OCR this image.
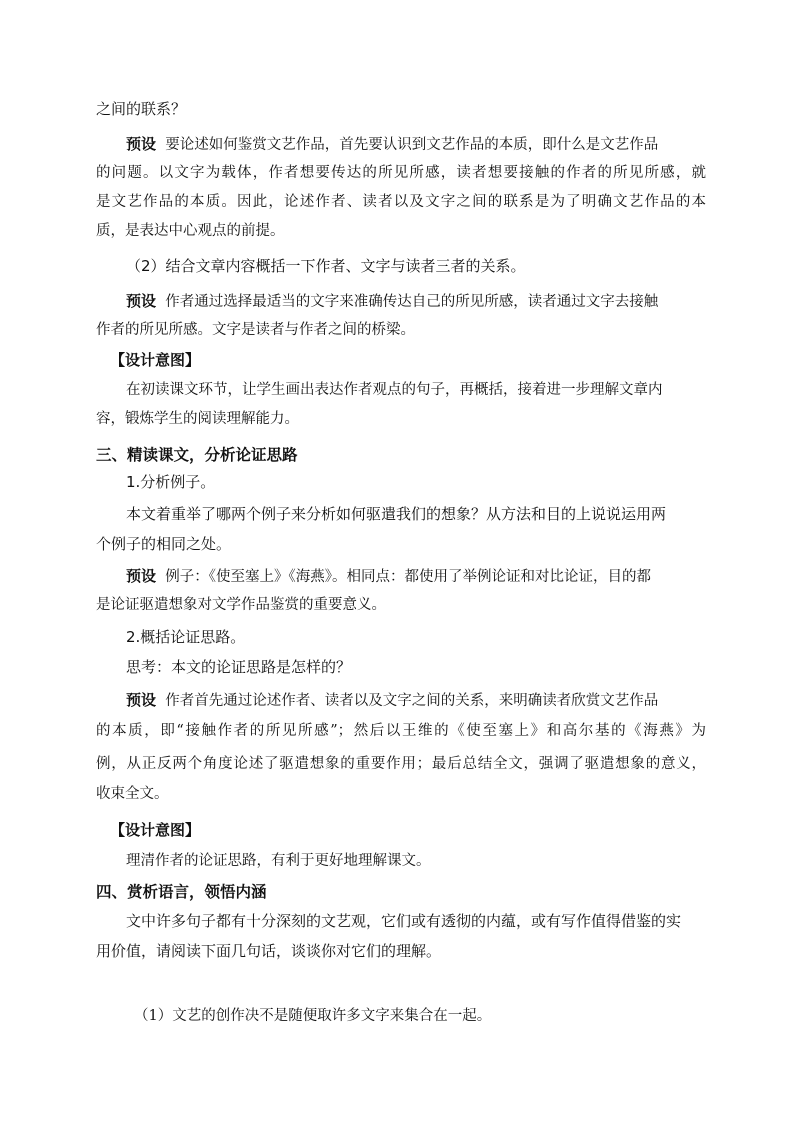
之间的联系？
预设 要论述如何鉴赏文艺作品，首先要认识到文艺作品的本质，即什么是文艺作品
的问题。以文字为载体，作者想要传达的所见所感，读者想要接触的作者的所见所感，就
是文艺作品的本质。因此，论述作者、读者以及文字之间的联系是为了明确文艺作品的本
质，是表达中心观点的前提。
（2）结合文章内容概括一下作者、文字与读者三者的关系。
预设 作者通过选择最适当的文字来准确传达自己的所见所感，读者通过文字去接触
作者的所见所感。文字是读者与作者之间的桥梁。
【设计意图】
在初读课文环节，让学生画出表达作者观点的句子，再概括，接着进一步理解文章内
容，锻炼学生的阅读理解能力。
三、精读课文，分析论证思路
1.分析例子。
本文着重举了哪两个例子来分析如何驱遣我们的想象？从方法和目的上说说运用两
个例子的相同之处。
预设 例子：《使至塞上》《海燕》。相同点：都使用了举例论证和对比论证，目的都
是论证驱遣想象对文学作品鉴赏的重要意义。
2.概括论证思路。
思考：本文的论证思路是怎样的？
预设 作者首先通过论述作者、读者以及文字之间的关系，来明确读者欣赏文艺作品
的本质，即“接触作者的所见所感”；然后以王维的《使至塞上》和高尔基的《海燕》为
例，从正反两个角度论述了驱遣想象的重要作用；最后总结全文，强调了驱遣想象的意义，
收束全文。
【设计意图】
理清作者的论证思路，有利于更好地理解课文。
四、赏析语言，领悟内涵
文中许多句子都有十分深刻的文艺观，它们或有透彻的内蕴，或有写作值得借鉴的实
用价值，请阅读下面几句话，谈谈你对它们的理解。
（1）文艺的创作决不是随便取许多文字来集合在一起。
